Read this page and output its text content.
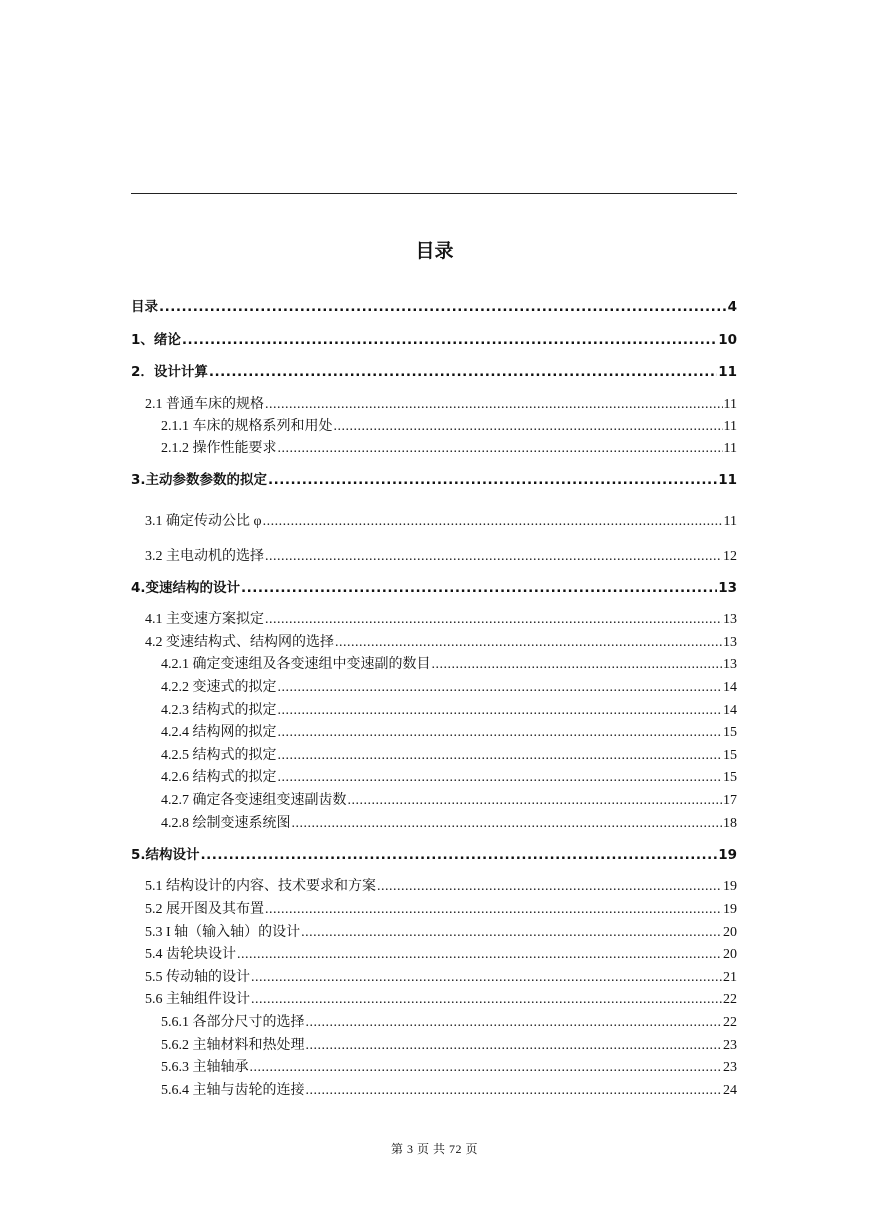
目录
目录 .....	4
1、绪论 .....	10
2．设计计算 .....	11
2.1 普通车床的规格 .....	11
2.1.1 车床的规格系列和用处 .....	11
2.1.2 操作性能要求 .....	11
3.主动参数参数的拟定 .....	11
3.1 确定传动公比 φ .....	11
3.2 主电动机的选择 .....	12
4.变速结构的设计 .....	13
4.1 主变速方案拟定 .....	13
4.2 变速结构式、结构网的选择 .....	13
4.2.1 确定变速组及各变速组中变速副的数目 .....	13
4.2.2 变速式的拟定 .....	14
4.2.3 结构式的拟定 .....	14
4.2.4 结构网的拟定 .....	15
4.2.5 结构式的拟定 .....	15
4.2.6 结构式的拟定 .....	15
4.2.7 确定各变速组变速副齿数 .....	17
4.2.8 绘制变速系统图 .....	18
5.结构设计 .....	19
5.1 结构设计的内容、技术要求和方案 .....	19
5.2 展开图及其布置 .....	19
5.3 I 轴（输入轴）的设计 .....	20
5.4 齿轮块设计 .....	20
5.5 传动轴的设计 .....	21
5.6 主轴组件设计 .....	22
5.6.1 各部分尺寸的选择 .....	22
5.6.2 主轴材料和热处理 .....	23
5.6.3 主轴轴承 .....	23
5.6.4 主轴与齿轮的连接 .....	24
第 3 页 共 72 页
